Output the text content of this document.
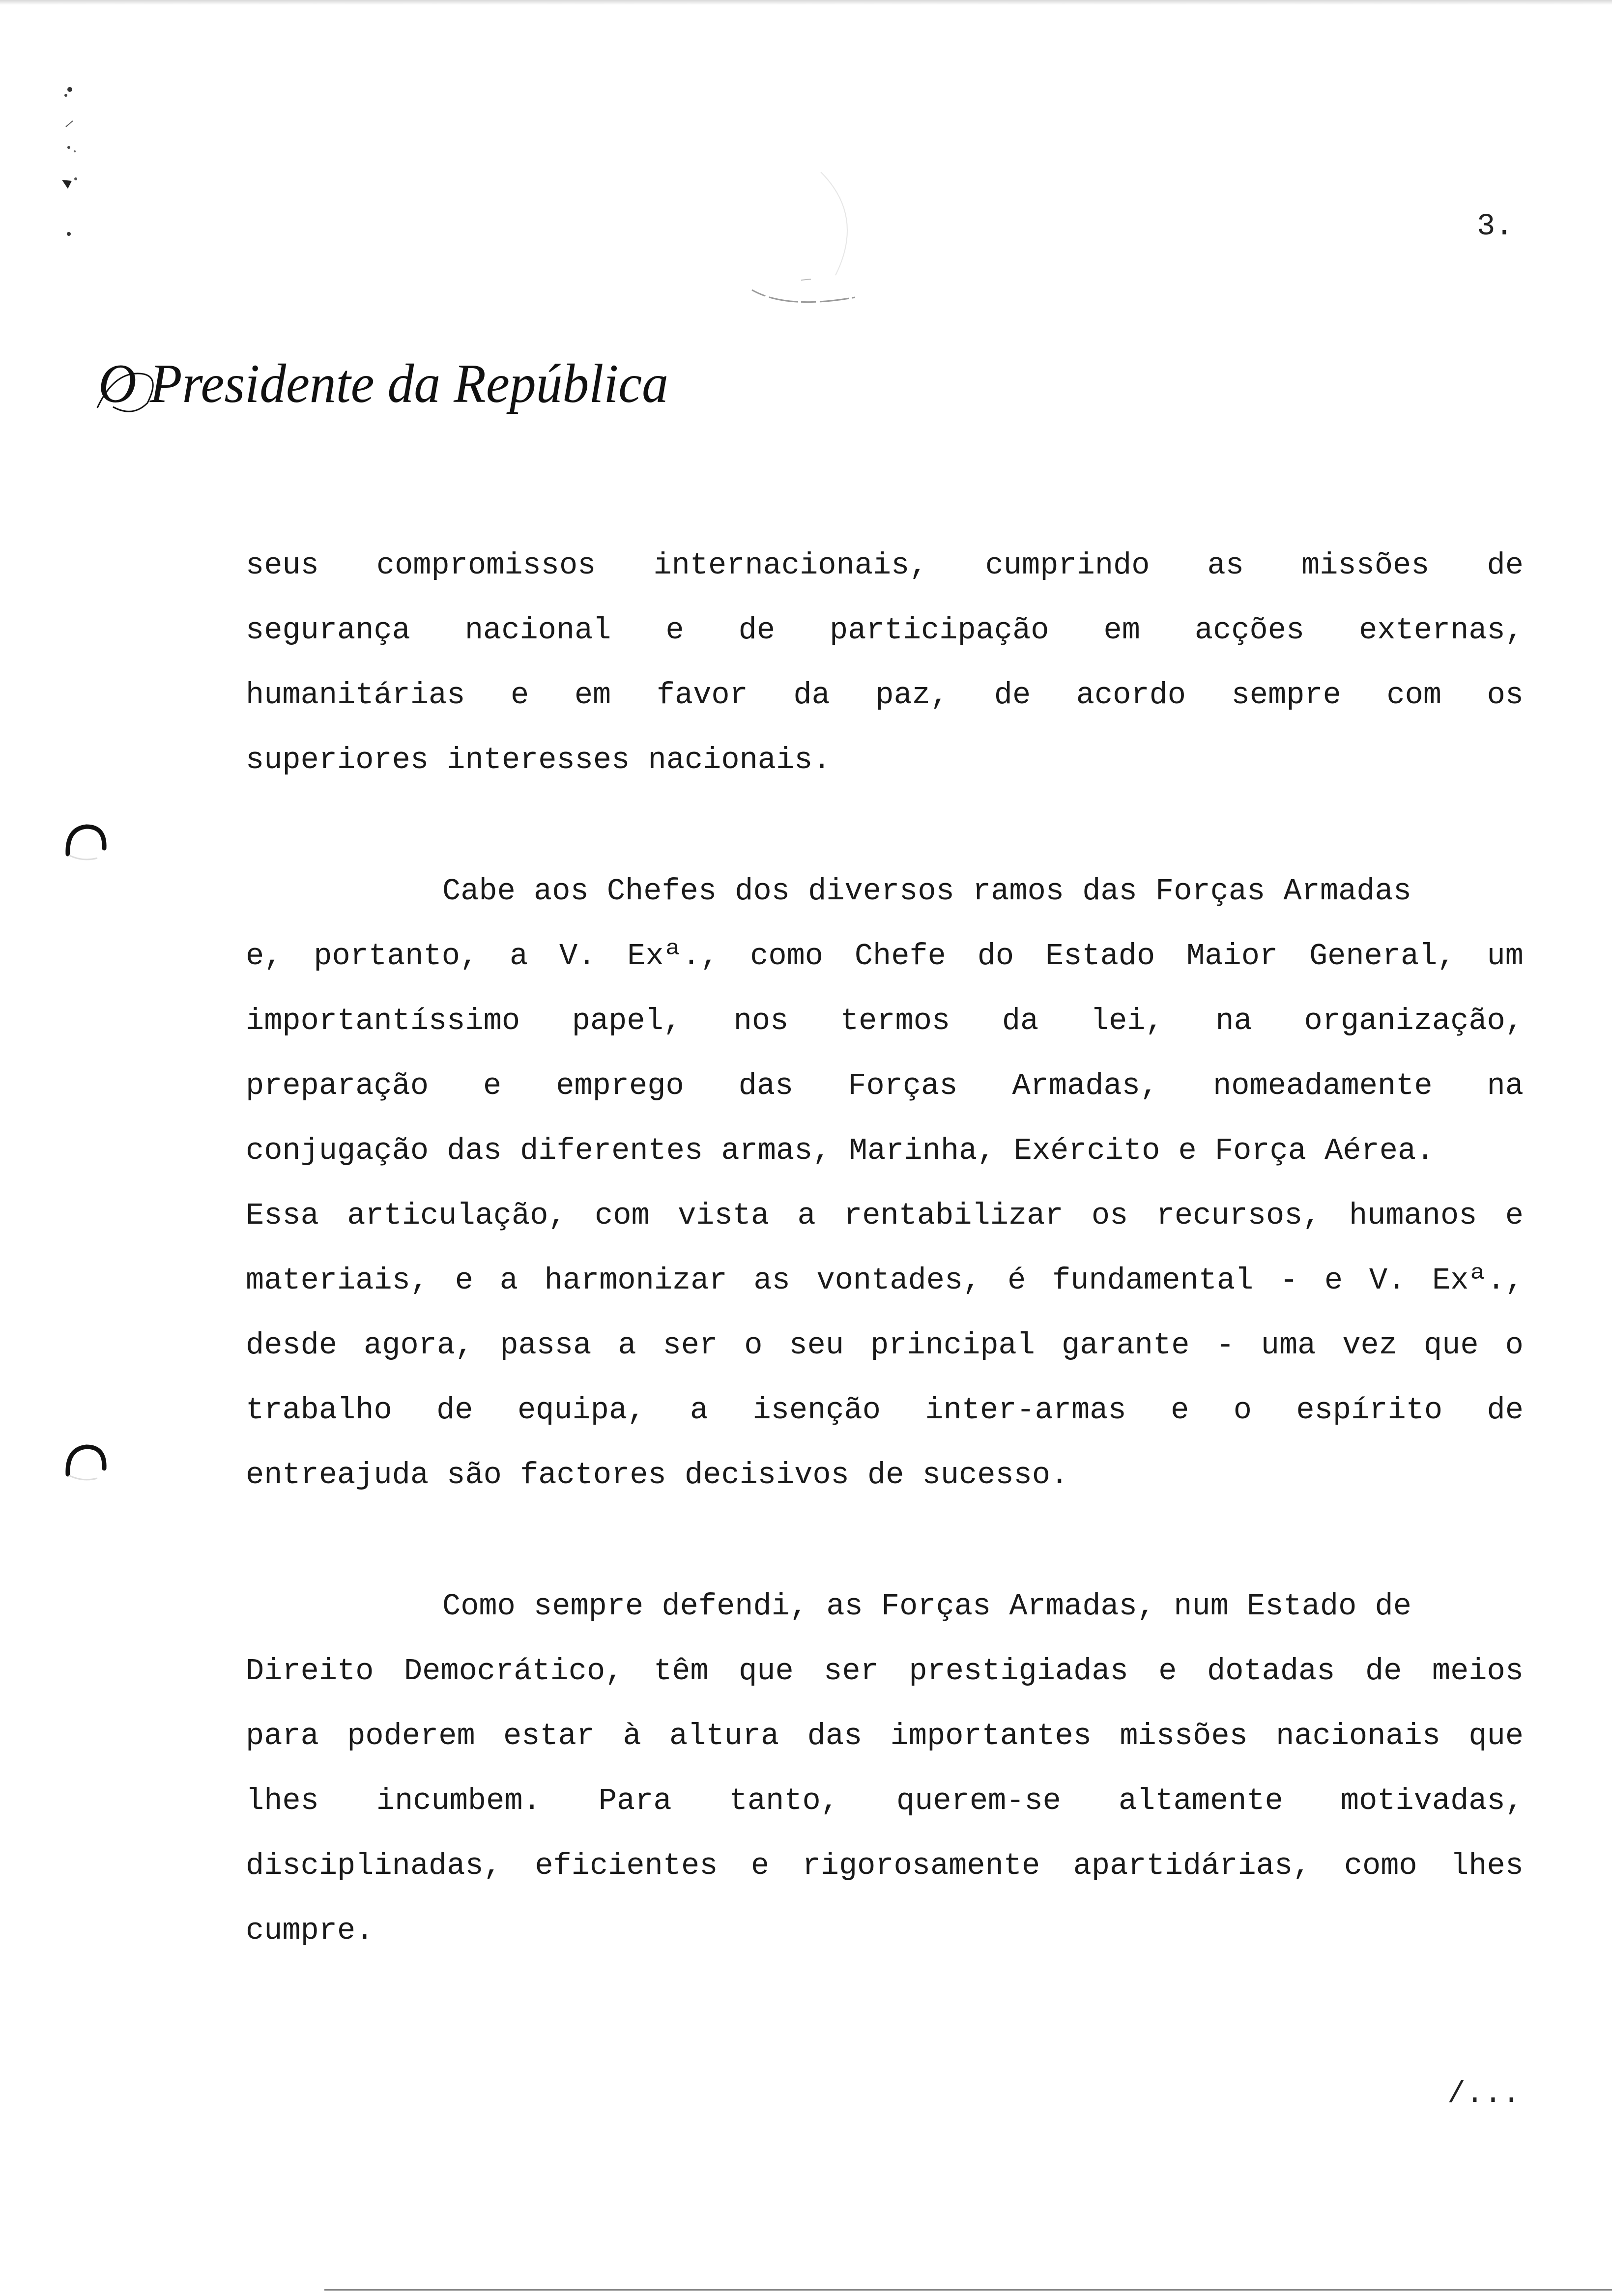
3.
O Presidente da República
seus compromissos internacionais, cumprindo as missões de
segurança nacional e de participação em acções externas,
humanitárias e em favor da paz, de acordo sempre com os
superiores interesses nacionais.
Cabe aos Chefes dos diversos ramos das Forças Armadas
e, portanto, a V. Exª., como Chefe do Estado Maior General, um
importantíssimo papel, nos termos da lei, na organização,
preparação e emprego das Forças Armadas, nomeadamente na
conjugação das diferentes armas, Marinha, Exército e Força Aérea.
Essa articulação, com vista a rentabilizar os recursos, humanos e
materiais, e a harmonizar as vontades, é fundamental - e V. Exª.,
desde agora, passa a ser o seu principal garante - uma vez que o
trabalho de equipa, a isenção inter-armas e o espírito de
entreajuda são factores decisivos de sucesso.
Como sempre defendi, as Forças Armadas, num Estado de
Direito Democrático, têm que ser prestigiadas e dotadas de meios
para poderem estar à altura das importantes missões nacionais que
lhes incumbem. Para tanto, querem-se altamente motivadas,
disciplinadas, eficientes e rigorosamente apartidárias, como lhes
cumpre.
/...
